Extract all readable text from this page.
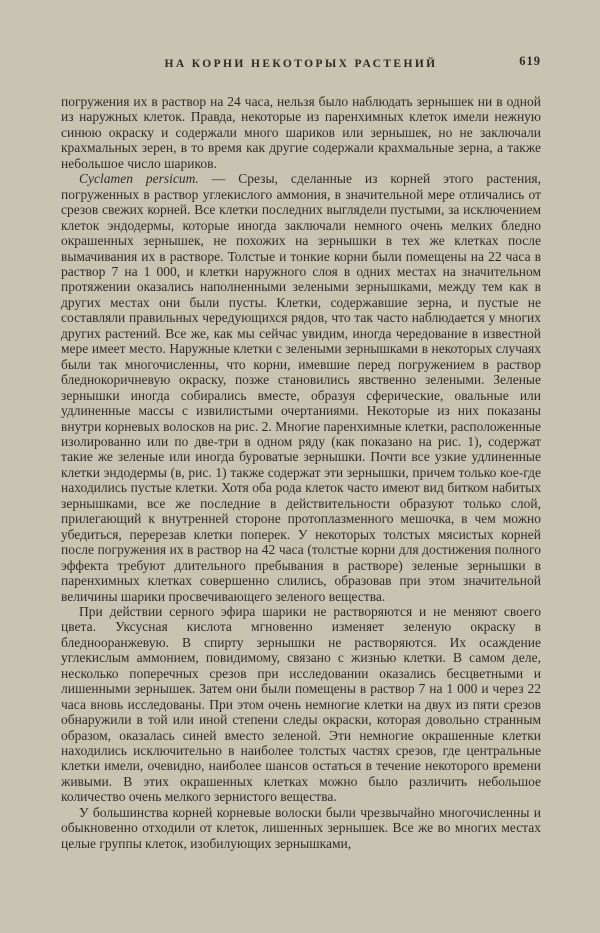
НА КОРНИ НЕКОТОРЫХ РАСТЕНИЙ	619

погружения их в раствор на 24 часа, нельзя было наблюдать зернышек ни в одной из наружных клеток. Правда, некоторые из паренхимных клеток имели нежную синюю окраску и содержали много шариков или зернышек, но не заключали крахмальных зерен, в то время как другие содержали крахмальные зерна, а также небольшое число шариков.

Cyclamen persicum. — Срезы, сделанные из корней этого растения, погруженных в раствор углекислого аммония, в значительной мере отличались от срезов свежих корней. Все клетки последних выглядели пустыми, за исключением клеток эндодермы, которые иногда заключали немного очень мелких бледно окрашенных зернышек, не похожих на зернышки в тех же клетках после вымачивания их в растворе. Толстые и тонкие корни были помещены на 22 часа в раствор 7 на 1 000, и клетки наружного слоя в одних местах на значительном протяжении оказались наполненными зелеными зернышками, между тем как в других местах они были пусты. Клетки, содержавшие зерна, и пустые не составляли правильных чередующихся рядов, что так часто наблюдается у многих других растений. Все же, как мы сейчас увидим, иногда чередование в известной мере имеет место. Наружные клетки с зелеными зернышками в некоторых случаях были так многочисленны, что корни, имевшие перед погружением в раствор бледнокоричневую окраску, позже становились явственно зелеными. Зеленые зернышки иногда собирались вместе, образуя сферические, овальные или удлиненные массы с извилистыми очертаниями. Некоторые из них показаны внутри корневых волосков на рис. 2. Многие паренхимные клетки, расположенные изолированно или по две-три в одном ряду (как показано на рис. 1), содержат такие же зеленые или иногда буроватые зернышки. Почти все узкие удлиненные клетки эндодермы (в, рис. 1) также содержат эти зернышки, причем только кое-где находились пустые клетки. Хотя оба рода клеток часто имеют вид битком набитых зернышками, все же последние в действительности образуют только слой, прилегающий к внутренней стороне протоплазменного мешочка, в чем можно убедиться, перерезав клетки поперек. У некоторых толстых мясистых корней после погружения их в раствор на 42 часа (толстые корни для достижения полного эффекта требуют длительного пребывания в растворе) зеленые зернышки в паренхимных клетках совершенно слились, образовав при этом значительной величины шарики просвечивающего зеленого вещества.

При действии серного эфира шарики не растворяются и не меняют своего цвета. Уксусная кислота мгновенно изменяет зеленую окраску в бледнооранжевую. В спирту зернышки не растворяются. Их осаждение углекислым аммонием, повидимому, связано с жизнью клетки. В самом деле, несколько поперечных срезов при исследовании оказались бесцветными и лишенными зернышек. Затем они были помещены в раствор 7 на 1 000 и через 22 часа вновь исследованы. При этом очень немногие клетки на двух из пяти срезов обнаружили в той или иной степени следы окраски, которая довольно странным образом, оказалась синей вместо зеленой. Эти немногие окрашенные клетки находились исключительно в наиболее толстых частях срезов, где центральные клетки имели, очевидно, наиболее шансов остаться в течение некоторого времени живыми. В этих окрашенных клетках можно было различить небольшое количество очень мелкого зернистого вещества.

У большинства корней корневые волоски были чрезвычайно многочисленны и обыкновенно отходили от клеток, лишенных зернышек. Все же во многих местах целые группы клеток, изобилующих зернышками,
